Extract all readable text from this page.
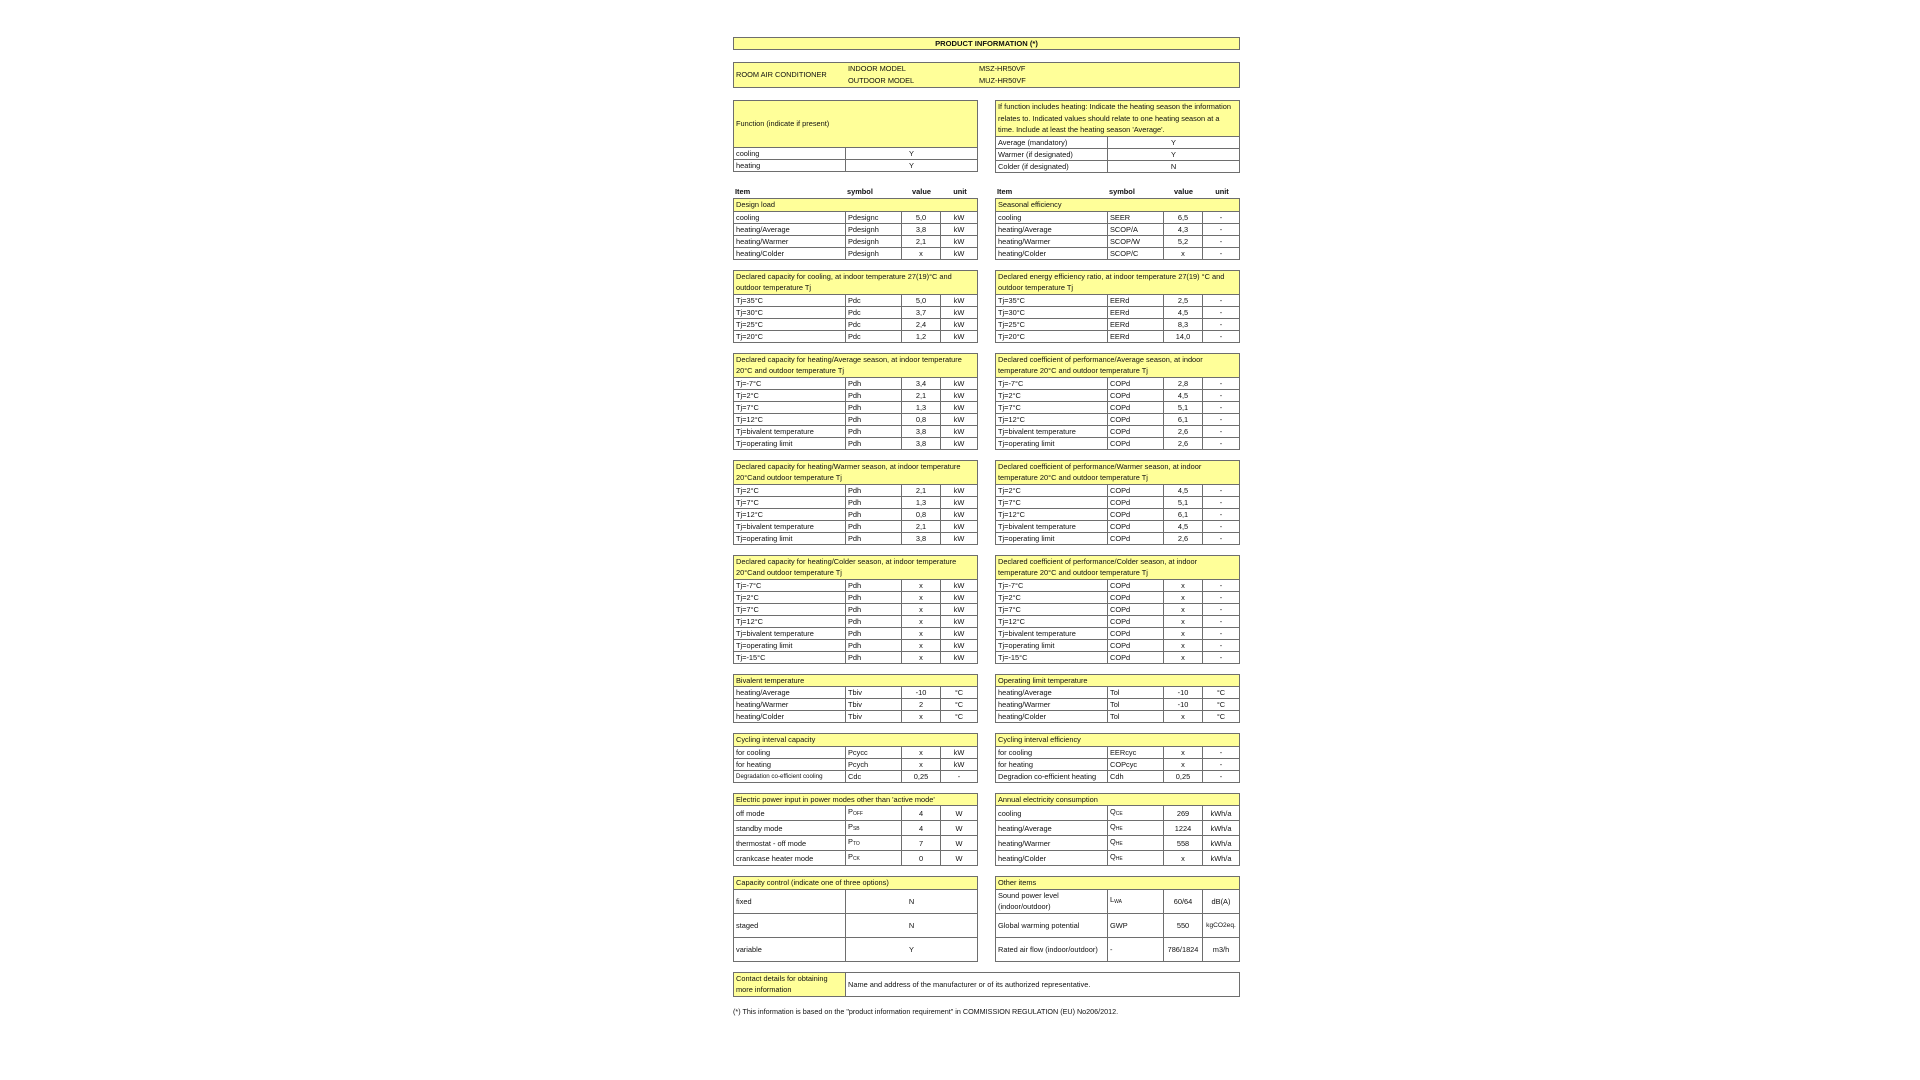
PRODUCT INFORMATION (*)
ROOM AIR CONDITIONER
INDOOR MODEL	MSZ-HR50VF
OUTDOOR MODEL	MUZ-HR50VF
Function (indicate if present)	
cooling	Y
heating	Y
If function includes heating: Indicate the heating season the information relates to. Indicated values should relate to one heating season at a time. Include at least the heating season 'Average'.	
Average (mandatory)	Y
Warmer (if designated)	Y
Colder (if designated)	N
Item	symbol	value	unit
Design load			
cooling	Pdesignc	5,0	kW
heating/Average	Pdesignh	3,8	kW
heating/Warmer	Pdesignh	2,1	kW
heating/Colder	Pdesignh	x	kW
Declared capacity for cooling, at indoor temperature 27(19)°C and outdoor temperature Tj			
Tj=35°C	Pdc	5,0	kW
Tj=30°C	Pdc	3,7	kW
Tj=25°C	Pdc	2,4	kW
Tj=20°C	Pdc	1,2	kW
Declared capacity for heating/Average season, at indoor temperature 20°C and outdoor temperature Tj			
Tj=-7°C	Pdh	3,4	kW
Tj=2°C	Pdh	2,1	kW
Tj=7°C	Pdh	1,3	kW
Tj=12°C	Pdh	0,8	kW
Tj=bivalent temperature	Pdh	3,8	kW
Tj=operating limit	Pdh	3,8	kW
Declared capacity for heating/Warmer season, at indoor temperature 20°Cand outdoor temperature Tj			
Tj=2°C	Pdh	2,1	kW
Tj=7°C	Pdh	1,3	kW
Tj=12°C	Pdh	0,8	kW
Tj=bivalent temperature	Pdh	2,1	kW
Tj=operating limit	Pdh	3,8	kW
Declared capacity for heating/Colder season, at indoor temperature 20°Cand outdoor temperature Tj			
Tj=-7°C	Pdh	x	kW
Tj=2°C	Pdh	x	kW
Tj=7°C	Pdh	x	kW
Tj=12°C	Pdh	x	kW
Tj=bivalent temperature	Pdh	x	kW
Tj=operating limit	Pdh	x	kW
Tj=-15°C	Pdh	x	kW
Bivalent temperature			
heating/Average	Tbiv	-10	°C
heating/Warmer	Tbiv	2	°C
heating/Colder	Tbiv	x	°C
Cycling interval capacity			
for cooling	Pcycc	x	kW
for heating	Pcych	x	kW
Degradation co-efficient cooling	Cdc	0,25	-
Electric power input in power modes other than 'active mode'			
off mode	$P_{OFF}$	4	W
standby mode	$P_{SB}$	4	W
thermostat - off mode	$P_{TO}$	7	W
crankcase heater mode	$P_{CK}$	0	W
Capacity control (indicate one of three options)	
fixed	N
staged	N
variable	Y
Item	symbol	value	unit
Seasonal efficiency			
cooling	SEER	6,5	-
heating/Average	SCOP/A	4,3	-
heating/Warmer	SCOP/W	5,2	-
heating/Colder	SCOP/C	x	-
Declared energy efficiency ratio, at indoor temperature 27(19) °C and outdoor temperature Tj			
Tj=35°C	EERd	2,5	-
Tj=30°C	EERd	4,5	-
Tj=25°C	EERd	8,3	-
Tj=20°C	EERd	14,0	-
Declared coefficient of performance/Average season, at indoor temperature 20°C and outdoor temperature Tj			
Tj=-7°C	COPd	2,8	-
Tj=2°C	COPd	4,5	-
Tj=7°C	COPd	5,1	-
Tj=12°C	COPd	6,1	-
Tj=bivalent temperature	COPd	2,6	-
Tj=operating limit	COPd	2,6	-
Declared coefficient of performance/Warmer season, at indoor temperature 20°C and outdoor temperature Tj			
Tj=2°C	COPd	4,5	-
Tj=7°C	COPd	5,1	-
Tj=12°C	COPd	6,1	-
Tj=bivalent temperature	COPd	4,5	-
Tj=operating limit	COPd	2,6	-
Declared coefficient of performance/Colder season, at indoor temperature 20°C and outdoor temperature Tj			
Tj=-7°C	COPd	x	-
Tj=2°C	COPd	x	-
Tj=7°C	COPd	x	-
Tj=12°C	COPd	x	-
Tj=bivalent temperature	COPd	x	-
Tj=operating limit	COPd	x	-
Tj=-15°C	COPd	x	-
Operating limit temperature			
heating/Average	Tol	-10	°C
heating/Warmer	Tol	-10	°C
heating/Colder	Tol	x	°C
Cycling interval efficiency			
for cooling	EERcyc	x	-
for heating	COPcyc	x	-
Degradion co-efficient heating	Cdh	0,25	-
Annual electricity consumption			
cooling	$Q_{CE}$	269	kWh/a
heating/Average	$Q_{HE}$	1224	kWh/a
heating/Warmer	$Q_{HE}$	558	kWh/a
heating/Colder	$Q_{HE}$	x	kWh/a
Other items			
Sound power level (indoor/outdoor)	$L_{WA}$	60/64	dB(A)
Global warming potential	GWP	550	kgCO2eq.
Rated air flow (indoor/outdoor)	-	786/1824	m3/h
Contact details for obtaining more information	Name and address of the manufacturer or of its authorized representative.
(*) This information is based on the "product information requirement" in COMMISSION REGULATION (EU) No206/2012.
